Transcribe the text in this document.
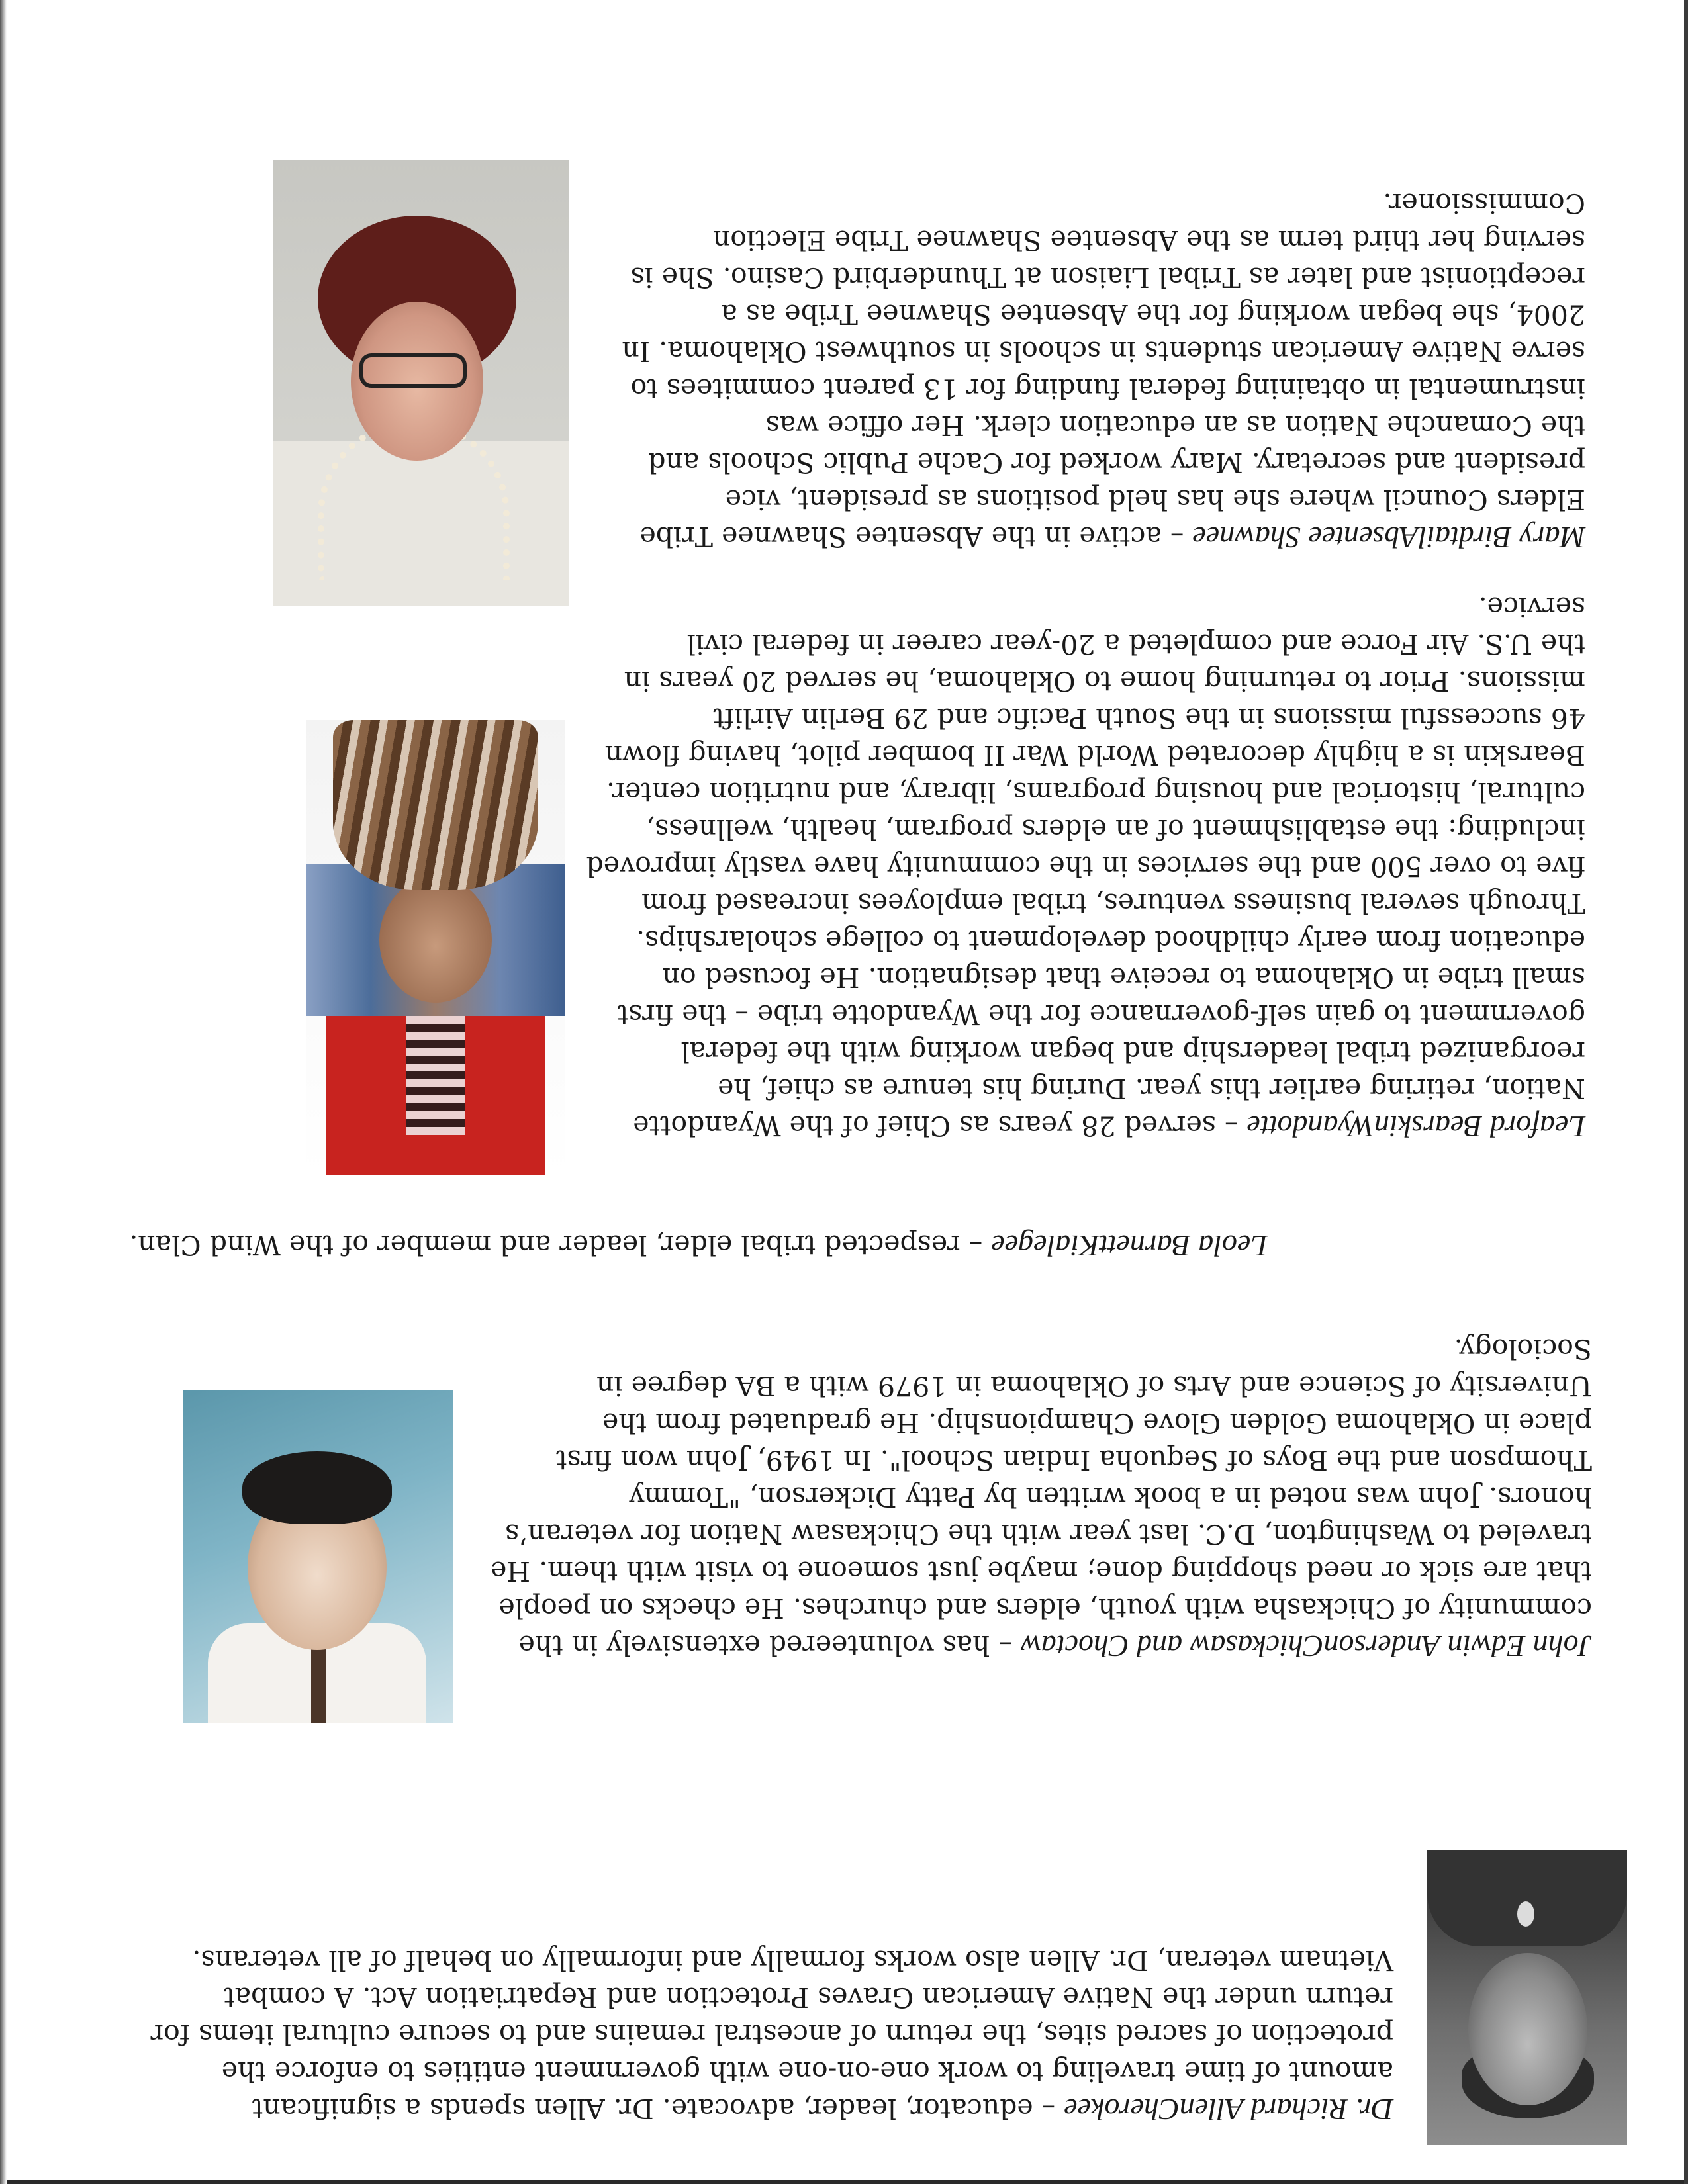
Dr. Richard AllenCherokee – educator, leader, advocate. Dr. Allen spends a significant amount of time traveling to work one-on-one with government entities to enforce the protection of sacred sites, the return of ancestral remains and to secure cultural items for return under the Native American Graves Protection and Repatriation Act. A combat Vietnam veteran, Dr. Allen also works formally and informally on behalf of all veterans.

John Edwin AndersonChickasaw and Choctaw – has volunteered extensively in the community of Chickasha with youth, elders and churches. He checks on people that are sick or need shopping done; maybe just someone to visit with them. He traveled to Washington, D.C. last year with the Chickasaw Nation for veteran’s honors. John was noted in a book written by Patty Dickerson, "Tommy Thompson and the Boys of Sequoha Indian School". In 1949, John won first place in Oklahoma Golden Glove Championship. He graduated from the University of Science and Arts of Oklahoma in 1979 with a BA degree in Sociology.

Leola BarnettKialegee – respected tribal elder, leader and member of the Wind Clan.

Leaford BearskinWyandotte – served 28 years as Chief of the Wyandotte Nation, retiring earlier this year. During his tenure as chief, he reorganized tribal leadership and began working with the federal government to gain self-governance for the Wyandotte tribe – the first small tribe in Oklahoma to receive that designation. He focused on education from early childhood development to college scholarships. Through several business ventures, tribal employees increased from five to over 500 and the services in the community have vastly improved including: the establishment of an elders program, health, wellness, cultural, historical and housing programs, library, and nutrition center. Bearskin is a highly decorated World War II bomber pilot, having flown 46 successful missions in the South Pacific and 29 Berlin Airlift missions. Prior to returning home to Oklahoma, he served 20 years in the U.S. Air Force and completed a 20-year career in federal civil service.

Mary BirdtailAbsentee Shawnee – active in the Absentee Shawnee Tribe Elders Council where she has held positions as president, vice president and secretary. Mary worked for Cache Public Schools and the Comanche Nation as an education clerk. Her office was instrumental in obtaining federal funding for 13 parent commitees to serve Native American students in schools in southwest Oklahoma. In 2004, she began working for the Absentee Shawnee Tribe as a receptionist and later as Tribal Liaison at Thunderbird Casino. She is serving her third term as the Absentee Shawnee Tribe Election Commissioner.
